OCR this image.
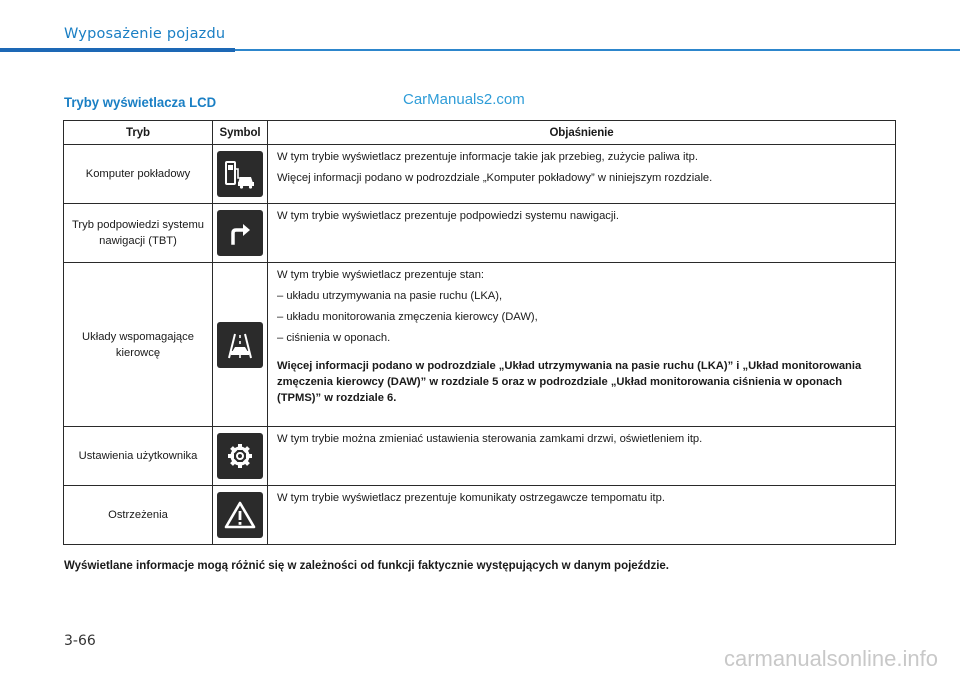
Wyposażenie pojazdu
Tryby wyświetlacza LCD	CarManuals2.com
Tryb	Symbol	Objaśnienie
Komputer pokładowy		W tym trybie wyświetlacz prezentuje informacje takie jak przebieg, zużycie paliwa itp.

Więcej informacji podano w podrozdziale „Komputer pokładowy” w niniejszym rozdziale.

Tryb podpowiedzi systemu nawigacji (TBT)		W tym trybie wyświetlacz prezentuje podpowiedzi systemu nawigacji.

Układy wspomagające kierowcę		W tym trybie wyświetlacz prezentuje stan:

– układu utrzymywania na pasie ruchu (LKA),

– układu monitorowania zmęczenia kierowcy (DAW),

– ciśnienia w oponach.

Więcej informacji podano w podrozdziale „Układ utrzymywania na pasie ruchu (LKA)” i „Układ monitorowania zmęczenia kierowcy (DAW)” w rozdziale 5 oraz w podrozdziale „Układ monitorowania ciśnienia w oponach (TPMS)” w rozdziale 6.

Ustawienia użytkownika		W tym trybie można zmieniać ustawienia sterowania zamkami drzwi, oświetleniem itp.

Ostrzeżenia		W tym trybie wyświetlacz prezentuje komunikaty ostrzegawcze tempomatu itp.

Wyświetlane informacje mogą różnić się w zależności od funkcji faktycznie występujących w danym pojeździe.
3-66
carmanualsonline.info
